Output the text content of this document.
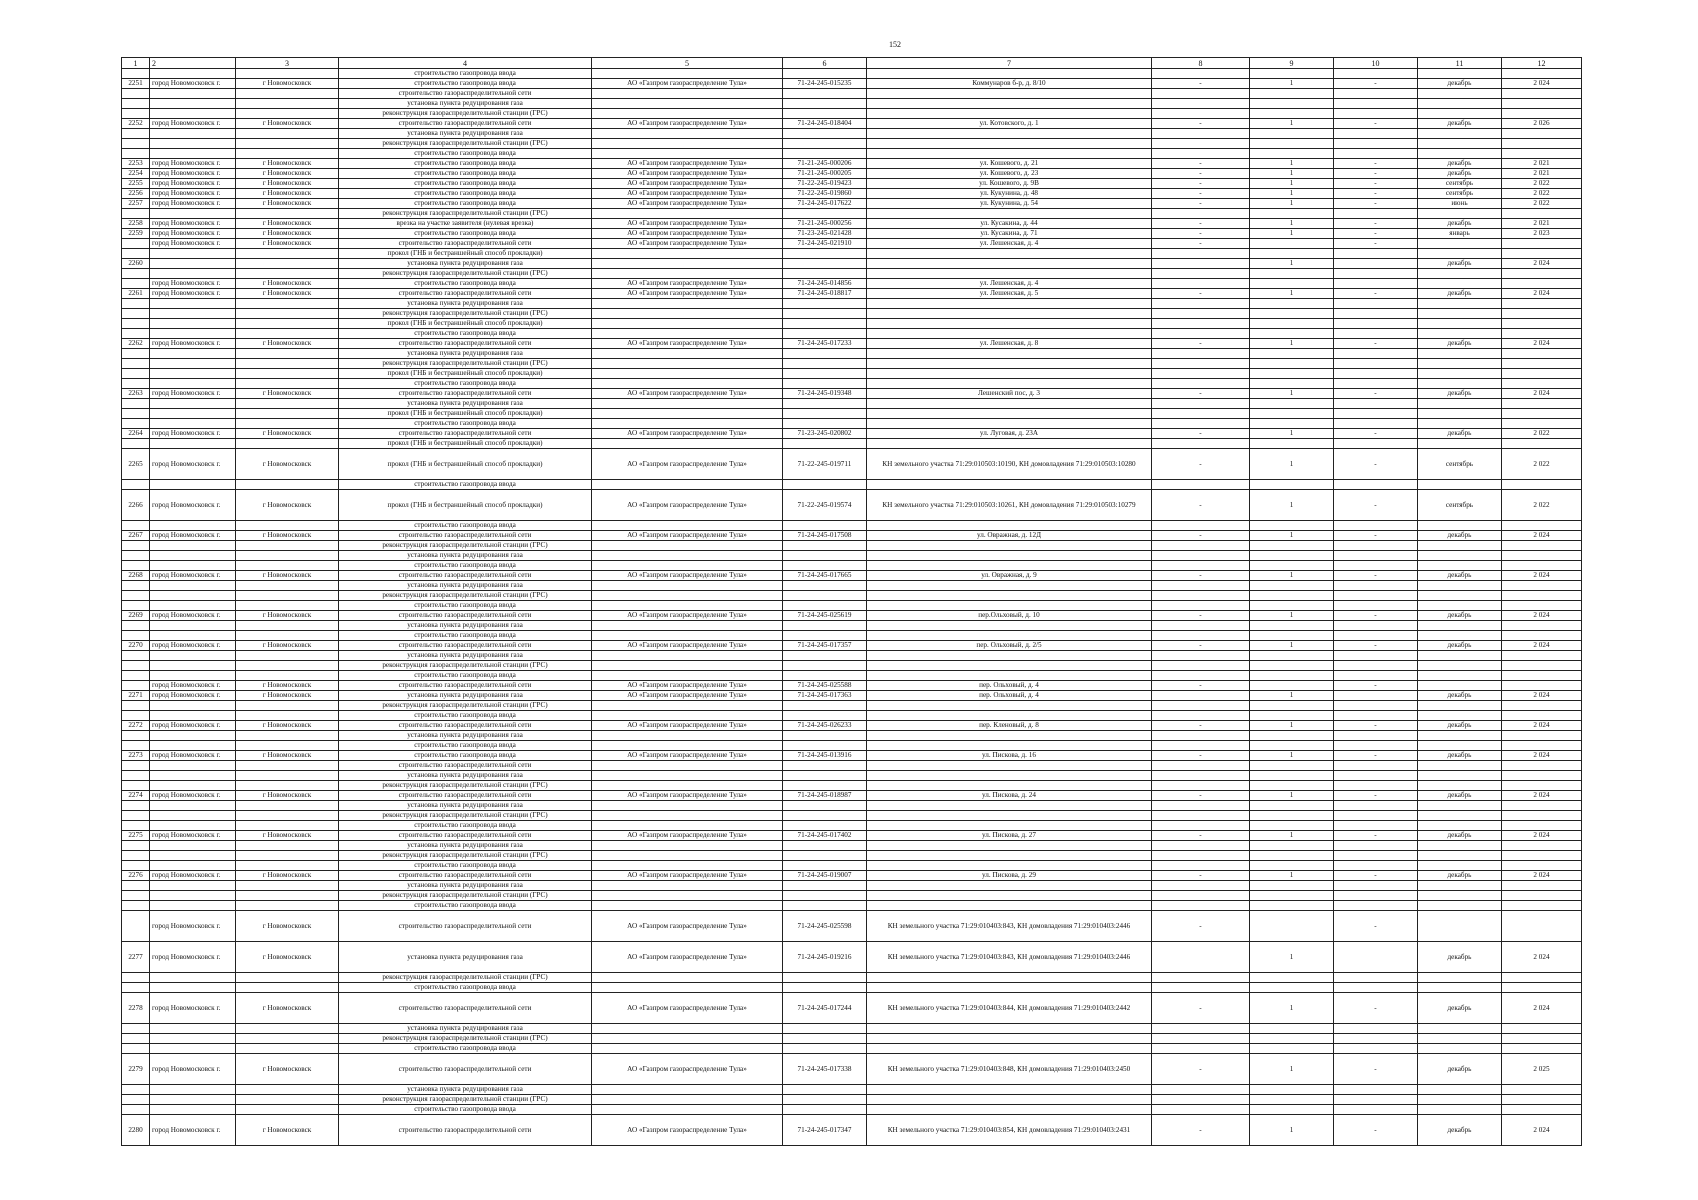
152
1	2	3	4	5	6	7	8	9	10	11	12
			строительство газопровода ввода								
2251	город Новомосковск г.	г Новомосковск	строительство газопровода ввода	АО «Газпром газораспределение Тула»	71-24-245-015235	Коммунаров б-р, д. 8/10	-	1	-	декабрь	2 024
			строительство газораспределительной сети								
			установка пункта редуцирования газа								
			реконструкция газораспределительной станции (ГРС)								
2252	город Новомосковск г.	г Новомосковск	строительство газораспределительной сети	АО «Газпром газораспределение Тула»	71-24-245-018404	ул. Котовского, д. 1	-	1	-	декабрь	2 026
			установка пункта редуцирования газа								
			реконструкция газораспределительной станции (ГРС)								
			строительство газопровода ввода								
2253	город Новомосковск г.	г Новомосковск	строительство газопровода ввода	АО «Газпром газораспределение Тула»	71-21-245-000206	ул. Кошевого, д. 21	-	1	-	декабрь	2 021
2254	город Новомосковск г.	г Новомосковск	строительство газопровода ввода	АО «Газпром газораспределение Тула»	71-21-245-000205	ул. Кошевого, д. 23	-	1	-	декабрь	2 021
2255	город Новомосковск г.	г Новомосковск	строительство газопровода ввода	АО «Газпром газораспределение Тула»	71-22-245-019423	ул. Кошевого, д. 9В	-	1	-	сентябрь	2 022
2256	город Новомосковск г.	г Новомосковск	строительство газопровода ввода	АО «Газпром газораспределение Тула»	71-22-245-019860	ул. Кукунина, д. 48	-	1	-	сентябрь	2 022
2257	город Новомосковск г.	г Новомосковск	строительство газопровода ввода	АО «Газпром газораспределение Тула»	71-24-245-017622	ул. Кукунина, д. 54	-	1	-	июнь	2 022
			реконструкция газораспределительной станции (ГРС)								
2258	город Новомосковск г.	г Новомосковск	врезка на участке заявителя (нулевая врезка)	АО «Газпром газораспределение Тула»	71-21-245-000256	ул. Кусакина, д. 44	-	1	-	декабрь	2 021
2259	город Новомосковск г.	г Новомосковск	строительство газопровода ввода	АО «Газпром газораспределение Тула»	71-23-245-021428	ул. Кусакина, д. 71	-	1	-	январь	2 023
	город Новомосковск г.	г Новомосковск	строительство газораспределительной сети	АО «Газпром газораспределение Тула»	71-24-245-021910	ул. Лешенская, д. 4	-		-		
			прокол (ГНБ и бестраншейный способ прокладки)								
2260			установка пункта редуцирования газа					1		декабрь	2 024
			реконструкция газораспределительной станции (ГРС)								
	город Новомосковск г.	г Новомосковск	строительство газопровода ввода	АО «Газпром газораспределение Тула»	71-24-245-014856	ул. Лешенская, д. 4					
2261	город Новомосковск г.	г Новомосковск	строительство газораспределительной сети	АО «Газпром газораспределение Тула»	71-24-245-018817	ул. Лешенская, д. 5	-	1	-	декабрь	2 024
			установка пункта редуцирования газа								
			реконструкция газораспределительной станции (ГРС)								
			прокол (ГНБ и бестраншейный способ прокладки)								
			строительство газопровода ввода								
2262	город Новомосковск г.	г Новомосковск	строительство газораспределительной сети	АО «Газпром газораспределение Тула»	71-24-245-017233	ул. Лешенская, д. 8	-	1	-	декабрь	2 024
			установка пункта редуцирования газа								
			реконструкция газораспределительной станции (ГРС)								
			прокол (ГНБ и бестраншейный способ прокладки)								
			строительство газопровода ввода								
2263	город Новомосковск г.	г Новомосковск	строительство газораспределительной сети	АО «Газпром газораспределение Тула»	71-24-245-019348	Лешенский пос, д. 3	-	1	-	декабрь	2 024
			установка пункта редуцирования газа								
			прокол (ГНБ и бестраншейный способ прокладки)								
			строительство газопровода ввода								
2264	город Новомосковск г.	г Новомосковск	строительство газораспределительной сети	АО «Газпром газораспределение Тула»	71-23-245-020802	ул. Луговая, д. 23А	-	1	-	декабрь	2 022
			прокол (ГНБ и бестраншейный способ прокладки)								
2265	город Новомосковск г.	г Новомосковск	прокол (ГНБ и бестраншейный способ прокладки)	АО «Газпром газораспределение Тула»	71-22-245-019711	КН земельного участка 71:29:010503:10190, КН домовладения 71:29:010503:10280	-	1	-	сентябрь	2 022
			строительство газопровода ввода								
2266	город Новомосковск г.	г Новомосковск	прокол (ГНБ и бестраншейный способ прокладки)	АО «Газпром газораспределение Тула»	71-22-245-019574	КН земельного участка 71:29:010503:10261, КН домовладения 71:29:010503:10279	-	1	-	сентябрь	2 022
			строительство газопровода ввода								
2267	город Новомосковск г.	г Новомосковск	строительство газораспределительной сети	АО «Газпром газораспределение Тула»	71-24-245-017508	ул. Овражная, д. 12Д	-	1	-	декабрь	2 024
			реконструкция газораспределительной станции (ГРС)								
			установка пункта редуцирования газа								
			строительство газопровода ввода								
2268	город Новомосковск г.	г Новомосковск	строительство газораспределительной сети	АО «Газпром газораспределение Тула»	71-24-245-017665	ул. Овражная, д. 9	-	1	-	декабрь	2 024
			установка пункта редуцирования газа								
			реконструкция газораспределительной станции (ГРС)								
			строительство газопровода ввода								
2269	город Новомосковск г.	г Новомосковск	строительство газораспределительной сети	АО «Газпром газораспределение Тула»	71-24-245-025619	пер.Ольховый, д. 10	-	1	-	декабрь	2 024
			установка пункта редуцирования газа								
			строительство газопровода ввода								
2270	город Новомосковск г.	г Новомосковск	строительство газораспределительной сети	АО «Газпром газораспределение Тула»	71-24-245-017357	пер. Ольховый, д. 2/5	-	1	-	декабрь	2 024
			установка пункта редуцирования газа								
			реконструкция газораспределительной станции (ГРС)								
			строительство газопровода ввода								
	город Новомосковск г.	г Новомосковск	строительство газораспределительной сети	АО «Газпром газораспределение Тула»	71-24-245-025588	пер. Ольховый, д. 4	-		-		
2271	город Новомосковск г.	г Новомосковск	установка пункта редуцирования газа	АО «Газпром газораспределение Тула»	71-24-245-017363	пер. Ольховый, д. 4		1		декабрь	2 024
			реконструкция газораспределительной станции (ГРС)								
			строительство газопровода ввода								
2272	город Новомосковск г.	г Новомосковск	строительство газораспределительной сети	АО «Газпром газораспределение Тула»	71-24-245-026233	пер. Кленовый, д. 8	-	1	-	декабрь	2 024
			установка пункта редуцирования газа								
			строительство газопровода ввода								
2273	город Новомосковск г.	г Новомосковск	строительство газопровода ввода	АО «Газпром газораспределение Тула»	71-24-245-013916	ул. Пискова, д. 16	-	1	-	декабрь	2 024
			строительство газораспределительной сети								
			установка пункта редуцирования газа								
			реконструкция газораспределительной станции (ГРС)								
2274	город Новомосковск г.	г Новомосковск	строительство газораспределительной сети	АО «Газпром газораспределение Тула»	71-24-245-018987	ул. Пискова, д. 24	-	1	-	декабрь	2 024
			установка пункта редуцирования газа								
			реконструкция газораспределительной станции (ГРС)								
			строительство газопровода ввода								
2275	город Новомосковск г.	г Новомосковск	строительство газораспределительной сети	АО «Газпром газораспределение Тула»	71-24-245-017402	ул. Пискова, д. 27	-	1	-	декабрь	2 024
			установка пункта редуцирования газа								
			реконструкция газораспределительной станции (ГРС)								
			строительство газопровода ввода								
2276	город Новомосковск г.	г Новомосковск	строительство газораспределительной сети	АО «Газпром газораспределение Тула»	71-24-245-019007	ул. Пискова, д. 29	-	1	-	декабрь	2 024
			установка пункта редуцирования газа								
			реконструкция газораспределительной станции (ГРС)								
			строительство газопровода ввода								
	город Новомосковск г.	г Новомосковск	строительство газораспределительной сети	АО «Газпром газораспределение Тула»	71-24-245-025598	КН земельного участка 71:29:010403:843, КН домовладения 71:29:010403:2446	-		-		
2277	город Новомосковск г.	г Новомосковск	установка пункта редуцирования газа	АО «Газпром газораспределение Тула»	71-24-245-019216	КН земельного участка 71:29:010403:843, КН домовладения 71:29:010403:2446		1		декабрь	2 024
			реконструкция газораспределительной станции (ГРС)								
			строительство газопровода ввода								
2278	город Новомосковск г.	г Новомосковск	строительство газораспределительной сети	АО «Газпром газораспределение Тула»	71-24-245-017244	КН земельного участка 71:29:010403:844, КН домовладения 71:29:010403:2442	-	1	-	декабрь	2 024
			установка пункта редуцирования газа								
			реконструкция газораспределительной станции (ГРС)								
			строительство газопровода ввода								
2279	город Новомосковск г.	г Новомосковск	строительство газораспределительной сети	АО «Газпром газораспределение Тула»	71-24-245-017338	КН земельного участка 71:29:010403:848, КН домовладения 71:29:010403:2450	-	1	-	декабрь	2 025
			установка пункта редуцирования газа								
			реконструкция газораспределительной станции (ГРС)								
			строительство газопровода ввода								
2280	город Новомосковск г.	г Новомосковск	строительство газораспределительной сети	АО «Газпром газораспределение Тула»	71-24-245-017347	КН земельного участка 71:29:010403:854, КН домовладения 71:29:010403:2431	-	1	-	декабрь	2 024
